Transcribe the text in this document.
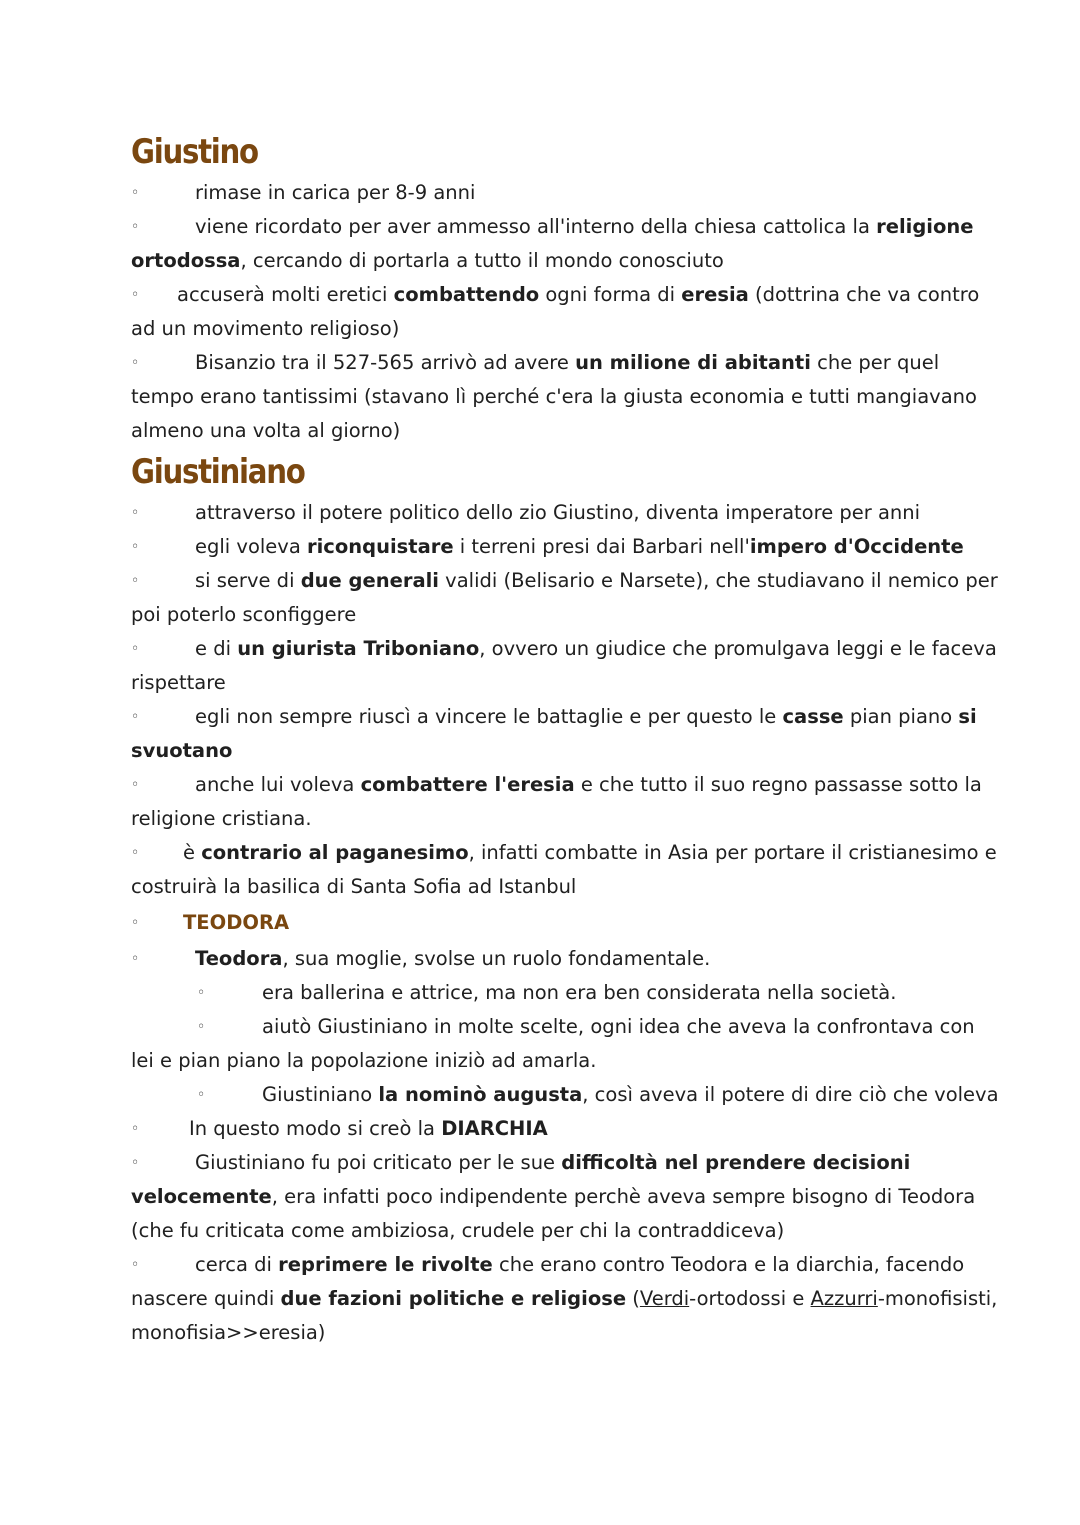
Giustino

◦	rimase in carica per 8-9 anni

◦	viene ricordato per aver ammesso all'interno della chiesa cattolica la religione ortodossa, cercando di portarla a tutto il mondo conosciuto

◦ accuserà molti eretici combattendo ogni forma di eresia (dottrina che va contro ad un movimento religioso)

◦	Bisanzio tra il 527-565 arrivò ad avere un milione di abitanti che per quel tempo erano tantissimi (stavano lì perché c'era la giusta economia e tutti mangiavano almeno una volta al giorno)

Giustiniano

◦	attraverso il potere politico dello zio Giustino, diventa imperatore per anni

◦	egli voleva riconquistare i terreni presi dai Barbari nell'impero d'Occidente

◦	si serve di due generali validi (Belisario e Narsete), che studiavano il nemico per poi poterlo sconfiggere

◦	e di un giurista Triboniano, ovvero un giudice che promulgava leggi e le faceva rispettare

◦	egli non sempre riuscì a vincere le battaglie e per questo le casse pian piano si svuotano

◦	anche lui voleva combattere l'eresia e che tutto il suo regno passasse sotto la religione cristiana.

◦ è contrario al paganesimo, infatti combatte in Asia per portare il cristianesimo e costruirà la basilica di Santa Sofia ad Istanbul

◦ TEODORA

◦	Teodora, sua moglie, svolse un ruolo fondamentale.

◦	era ballerina e attrice, ma non era ben considerata nella società.

◦	aiutò Giustiniano in molte scelte, ogni idea che aveva la confrontava con lei e pian piano la popolazione iniziò ad amarla.

◦	Giustiniano la nominò augusta, così aveva il potere di dire ciò che voleva

◦	In questo modo si creò la DIARCHIA

◦	Giustiniano fu poi criticato per le sue difficoltà nel prendere decisioni velocemente, era infatti poco indipendente perchè aveva sempre bisogno di Teodora (che fu criticata come ambiziosa, crudele per chi la contraddiceva)

◦	cerca di reprimere le rivolte che erano contro Teodora e la diarchia, facendo nascere quindi due fazioni politiche e religiose (Verdi-ortodossi e Azzurri-monofisisti, monofisia>>eresia)
